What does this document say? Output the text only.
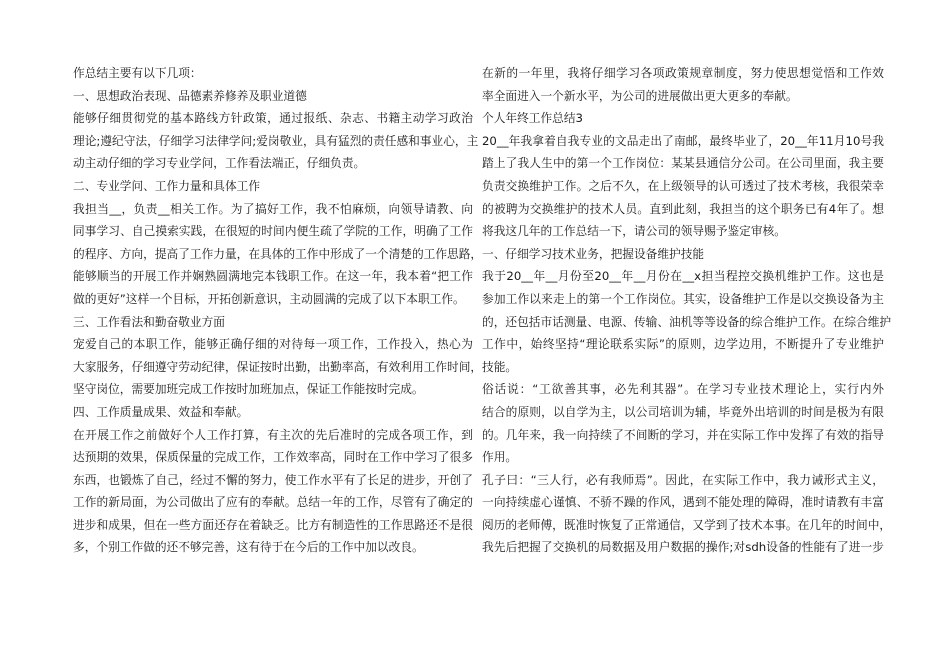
作总结主要有以下几项：
一、思想政治表现、品德素养修养及职业道德
能够仔细贯彻党的基本路线方针政策，通过报纸、杂志、书籍主动学习政治
理论;遵纪守法，仔细学习法律学问;爱岗敬业，具有猛烈的责任感和事业心，主
动主动仔细的学习专业学问，工作看法端正，仔细负责。
二、专业学问、工作力量和具体工作
我担当__，负责__相关工作。为了搞好工作，我不怕麻烦，向领导请教、向
同事学习、自己摸索实践，在很短的时间内便生疏了学院的工作，明确了工作
的程序、方向，提高了工作力量，在具体的工作中形成了一个清楚的工作思路，
能够顺当的开展工作并娴熟圆满地完本钱职工作。在这一年，我本着“把工作
做的更好”这样一个目标，开拓创新意识，主动圆满的完成了以下本职工作。
三、工作看法和勤奋敬业方面
宠爱自己的本职工作，能够正确仔细的对待每一项工作，工作投入，热心为
大家服务，仔细遵守劳动纪律，保证按时出勤，出勤率高，有效利用工作时间，
坚守岗位，需要加班完成工作按时加班加点，保证工作能按时完成。
四、工作质量成果、效益和奉献。
在开展工作之前做好个人工作打算，有主次的先后准时的完成各项工作，到
达预期的效果，保质保量的完成工作，工作效率高，同时在工作中学习了很多
东西，也锻炼了自己，经过不懈的努力，使工作水平有了长足的进步，开创了
工作的新局面，为公司做出了应有的奉献。总结一年的工作，尽管有了确定的
进步和成果，但在一些方面还存在着缺乏。比方有制造性的工作思路还不是很
多，个别工作做的还不够完善，这有待于在今后的工作中加以改良。
在新的一年里，我将仔细学习各项政策规章制度，努力使思想觉悟和工作效
率全面进入一个新水平，为公司的进展做出更大更多的奉献。
个人年终工作总结3
20__年我拿着自我专业的文品走出了南邮，最终毕业了，20__年11月10号我
踏上了我人生中的第一个工作岗位：某某县通信分公司。在公司里面，我主要
负责交换维护工作。之后不久，在上级领导的认可透过了技术考核，我很荣幸
的被聘为交换维护的技术人员。直到此刻，我担当的这个职务已有4年了。想
将我这几年的工作总结一下，请公司的领导赐予鉴定审核。
一、仔细学习技术业务，把握设备维护技能
我于20__年__月份至20__年__月份在__x担当程控交换机维护工作。这也是
参加工作以来走上的第一个工作岗位。其实，设备维护工作是以交换设备为主
的，还包括市话测量、电源、传输、油机等等设备的综合维护工作。在综合维护
工作中，始终坚持“理论联系实际”的原则，边学边用，不断提升了专业维护
技能。
俗话说：“工欲善其事，必先利其器”。在学习专业技术理论上，实行内外
结合的原则，以自学为主，以公司培训为辅，毕竟外出培训的时间是极为有限
的。几年来，我一向持续了不间断的学习，并在实际工作中发挥了有效的指导
作用。
孔子曰：“三人行，必有我师焉”。因此，在实际工作中，我力诫形式主义，
一向持续虚心谨慎、不骄不躁的作风，遇到不能处理的障碍，准时请教有丰富
阅历的老师傅，既准时恢复了正常通信，又学到了技术本事。在几年的时间中，
我先后把握了交换机的局数据及用户数据的操作;对sdh设备的性能有了进一步
